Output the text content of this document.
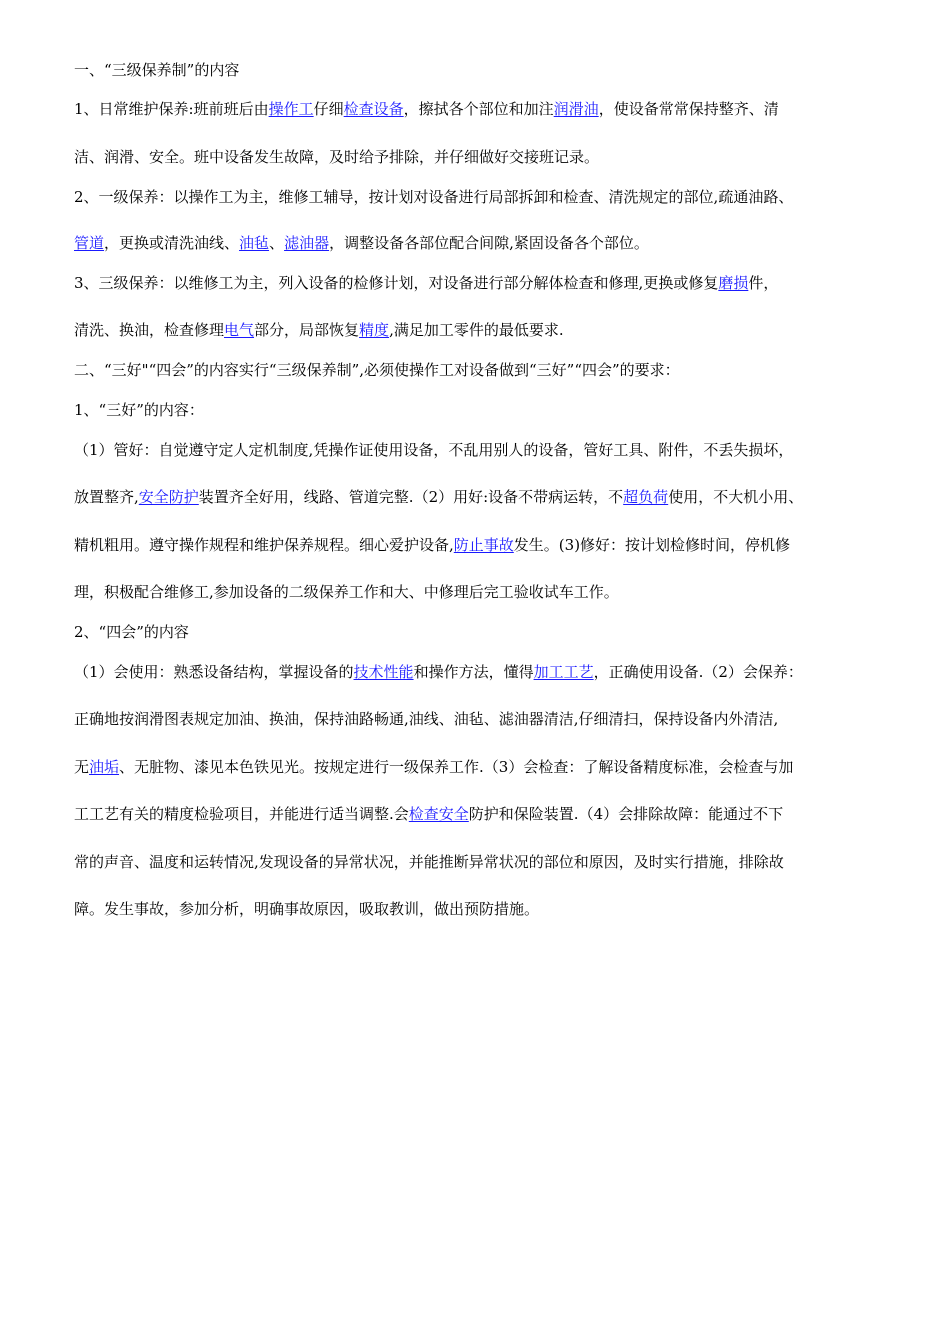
一、“三级保养制”的内容
1、日常维护保养:班前班后由操作工仔细检查设备，擦拭各个部位和加注润滑油，使设备常常保持整齐、清
洁、润滑、安全。班中设备发生故障，及时给予排除，并仔细做好交接班记录。
2、一级保养：以操作工为主，维修工辅导，按计划对设备进行局部拆卸和检查、清洗规定的部位,疏通油路、
管道，更换或清洗油线、油毡、滤油器，调整设备各部位配合间隙,紧固设备各个部位。
3、三级保养：以维修工为主，列入设备的检修计划，对设备进行部分解体检查和修理,更换或修复磨损件，
清洗、换油，检查修理电气部分，局部恢复精度,满足加工零件的最低要求.
二、“三好"“四会”的内容实行“三级保养制”,必须使操作工对设备做到“三好”“四会”的要求：
1、“三好”的内容：
（1）管好：自觉遵守定人定机制度,凭操作证使用设备，不乱用别人的设备，管好工具、附件，不丢失损坏，
放置整齐,安全防护装置齐全好用，线路、管道完整.（2）用好:设备不带病运转，不超负荷使用，不大机小用、
精机粗用。遵守操作规程和维护保养规程。细心爱护设备,防止事故发生。(3)修好：按计划检修时间，停机修
理，积极配合维修工,参加设备的二级保养工作和大、中修理后完工验收试车工作。
2、“四会”的内容
（1）会使用：熟悉设备结构，掌握设备的技术性能和操作方法，懂得加工工艺，正确使用设备.（2）会保养：
正确地按润滑图表规定加油、换油，保持油路畅通,油线、油毡、滤油器清洁,仔细清扫，保持设备内外清洁,
无油垢、无脏物、漆见本色铁见光。按规定进行一级保养工作.（3）会检查：了解设备精度标准，会检查与加
工工艺有关的精度检验项目，并能进行适当调整.会检查安全防护和保险装置.（4）会排除故障：能通过不下
常的声音、温度和运转情况,发现设备的异常状况，并能推断异常状况的部位和原因，及时实行措施，排除故
障。发生事故，参加分析，明确事故原因，吸取教训，做出预防措施。
